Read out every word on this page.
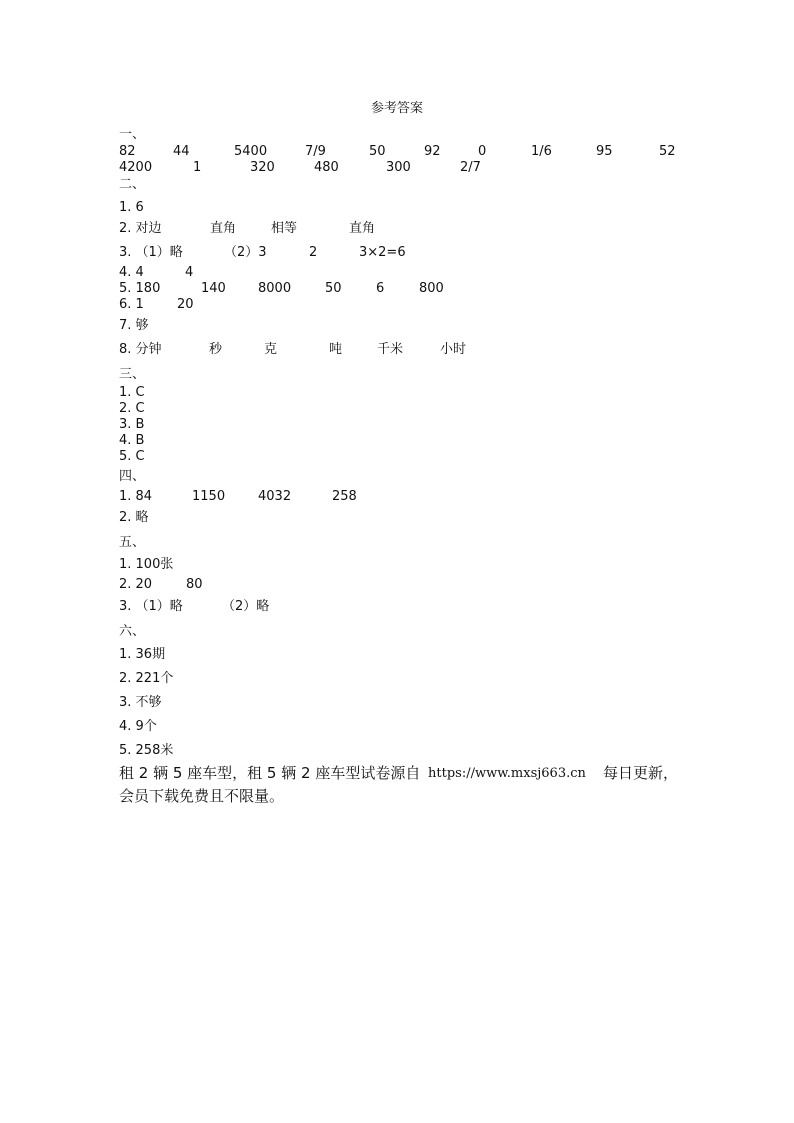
参考答案
一、
82	44	5400	7/9	50	92	0	1/6	95	52
4200	1	320	480	300	2/7
二、
1. 6
2. 对边	直角	相等	直角
3. （1）略	（2）3	2	3×2=6
4. 4	4
5. 180	140 8000	50	6	800
6. 1	20
7. 够
8. 分钟	秒	克	吨	千米	小时
三、
1. C
2. C
3. B
4. B
5. C
四、
1. 84	1150	4032	258
2. 略
五、
1. 100张
2. 20	80
3. （1）略	（2）略
六、
1. 36期
2. 221个
3. 不够
4. 9个
5. 258米
租 2 辆 5 座车型，租 5 辆 2 座车型试卷源自 https://www.mxsj663.cn 每日更新，
会员下载免费且不限量。
